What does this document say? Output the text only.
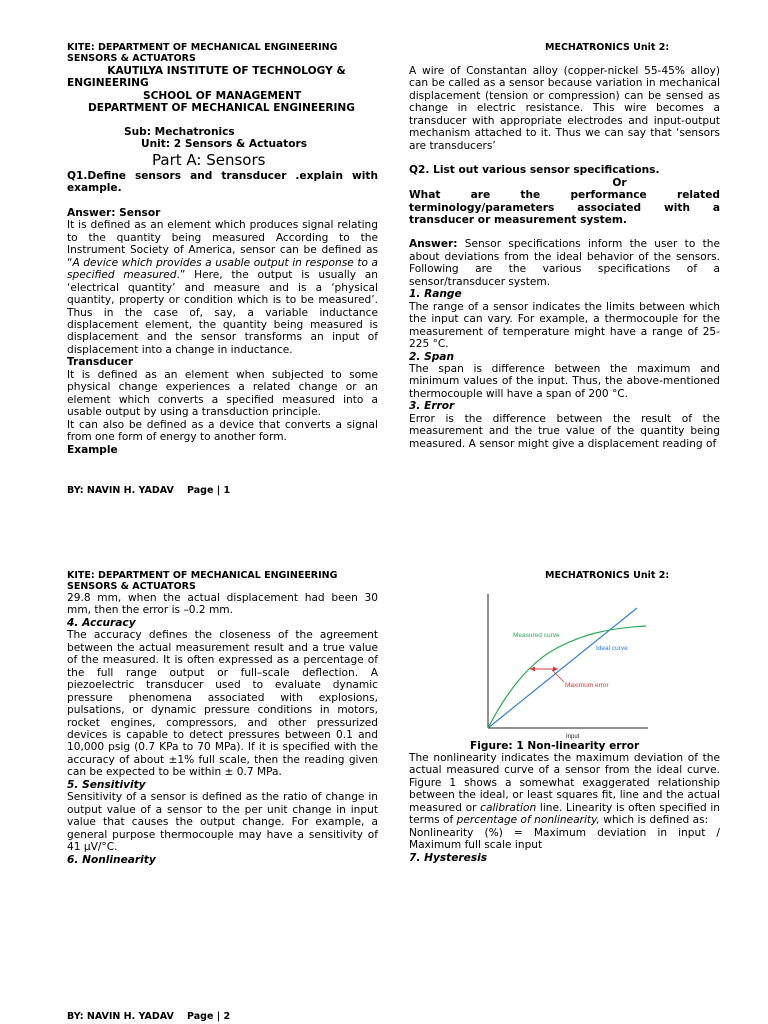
KITE: DEPARTMENT OF MECHANICAL ENGINEERING
SENSORS & ACTUATORS
MECHATRONICS Unit 2:
KAUTILYA INSTITUTE OF TECHNOLOGY &
ENGINEERING
SCHOOL OF MANAGEMENT
DEPARTMENT OF MECHANICAL ENGINEERING
Sub: Mechatronics
Unit: 2 Sensors & Actuators
Part A: Sensors

Q1.Define sensors and transducer .explain with example.

Answer: Sensor

It is defined as an element which produces signal relating to the quantity being measured According to the Instrument Society of America, sensor can be defined as “A device which provides a usable output in response to a specified measured.” Here, the output is usually an ‘electrical quantity’ and measure and is a ‘physical quantity, property or condition which is to be measured’. Thus in the case of, say, a variable inductance displacement element, the quantity being measured is displacement and the sensor transforms an input of displacement into a change in inductance.

Transducer

It is defined as an element when subjected to some physical change experiences a related change or an element which converts a specified measured into a usable output by using a transduction principle.

It can also be defined as a device that converts a signal from one form of energy to another form.

Example

A wire of Constantan alloy (copper-nickel 55-45% alloy) can be called as a sensor because variation in mechanical displacement (tension or compression) can be sensed as change in electric resistance. This wire becomes a transducer with appropriate electrodes and input-output mechanism attached to it. Thus we can say that ‘sensors are transducers’

Q2. List out various sensor specifications.

Or

What are the performance related terminology/parameters associated with a transducer or measurement system.

Answer: Sensor specifications inform the user to the about deviations from the ideal behavior of the sensors. Following are the various specifications of a sensor/transducer system.

1. Range

The range of a sensor indicates the limits between which the input can vary. For example, a thermocouple for the measurement of temperature might have a range of 25-225 °C.

2. Span

The span is difference between the maximum and minimum values of the input. Thus, the above-mentioned thermocouple will have a span of 200 °C.

3. Error

Error is the difference between the result of the measurement and the true value of the quantity being measured. A sensor might give a displacement reading of

BY: NAVIN H. YADAV    Page | 1
KITE: DEPARTMENT OF MECHANICAL ENGINEERING
SENSORS & ACTUATORS
MECHATRONICS Unit 2:

29.8 mm, when the actual displacement had been 30 mm, then the error is –0.2 mm.

4. Accuracy

The accuracy defines the closeness of the agreement between the actual measurement result and a true value of the measured. It is often expressed as a percentage of the full range output or full–scale deflection. A piezoelectric transducer used to evaluate dynamic pressure phenomena associated with explosions, pulsations, or dynamic pressure conditions in motors, rocket engines, compressors, and other pressurized devices is capable to detect pressures between 0.1 and 10,000 psig (0.7 KPa to 70 MPa). If it is specified with the accuracy of about ±1% full scale, then the reading given can be expected to be within ± 0.7 MPa.

5. Sensitivity

Sensitivity of a sensor is defined as the ratio of change in output value of a sensor to the per unit change in input value that causes the output change. For example, a general purpose thermocouple may have a sensitivity of 41 µV/°C.

6. Nonlinearity

Measured curve
Ideal curve
Maximum error
Input
Figure: 1 Non-linearity error

The nonlinearity indicates the maximum deviation of the actual measured curve of a sensor from the ideal curve. Figure 1 shows a somewhat exaggerated relationship between the ideal, or least squares fit, line and the actual measured or calibration line. Linearity is often specified in terms of percentage of nonlinearity, which is defined as:

Nonlinearity (%) = Maximum deviation in input / Maximum full scale input

7. Hysteresis

BY: NAVIN H. YADAV    Page | 2
